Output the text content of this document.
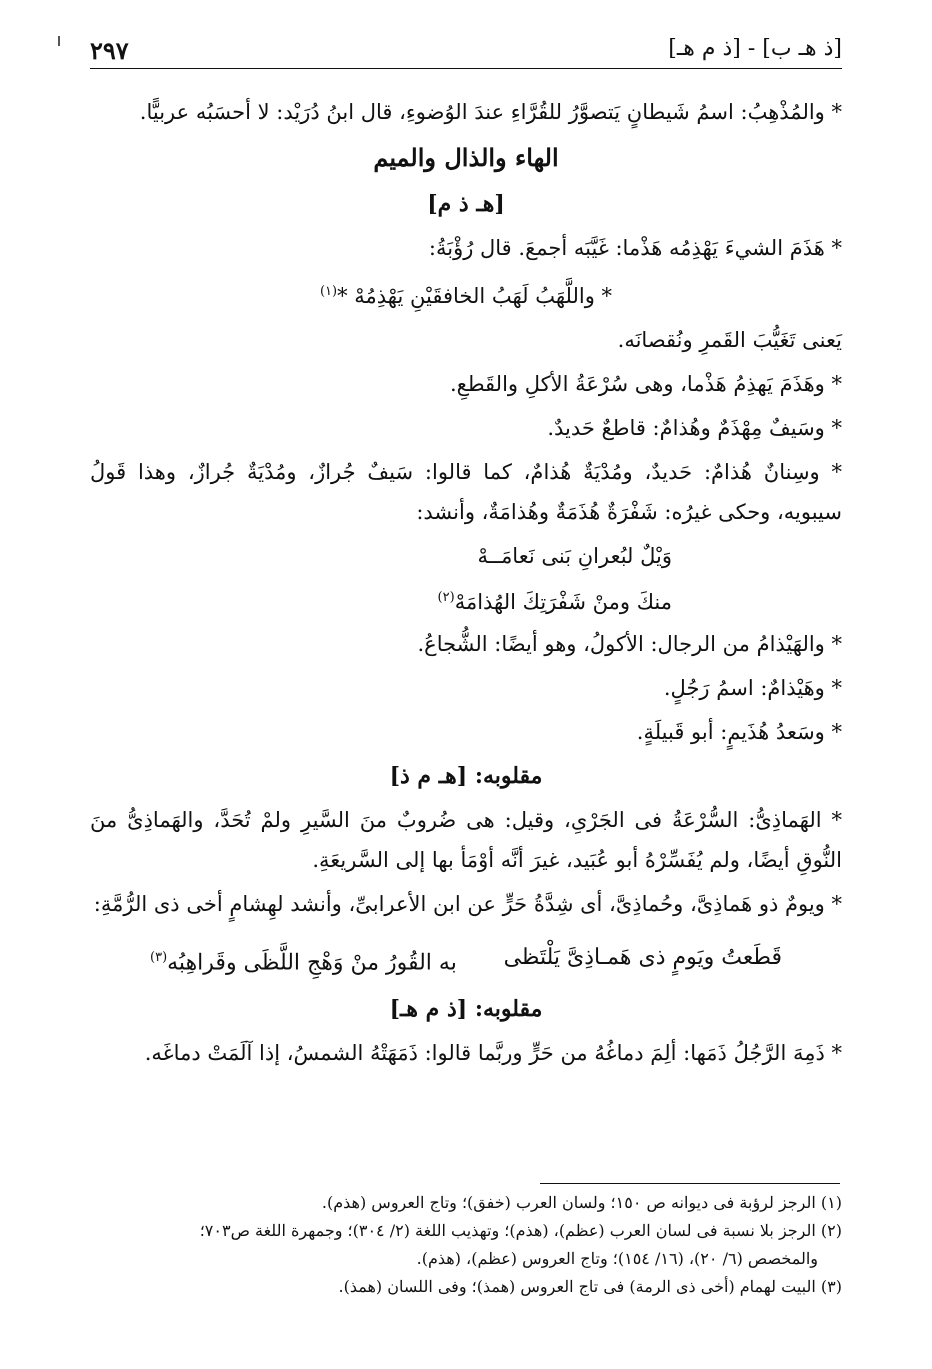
[ذ هـ ب] - [ذ م هـ]
٢٩٧

* والمُذْهِبُ: اسمُ شَيطانٍ يَتصوَّرُ للقُرَّاءِ عندَ الوُضوءِ، قال ابنُ دُرَيْد: لا أحسَبُه عربيًّا.

الهاء والذال والميم
[هـ ذ م]

* هَذَمَ الشيءَ يَهْذِمُه هَذْما: غَيَّبَه أجمعَ. قال رُؤْبَةُ:

* واللَّهَبُ لَهَبُ الخافقَيْنِ يَهْذِمُهْ *$^{(١)}$

يَعنى تَغَيُّبَ القَمرِ ونُقصانَه.

* وهَذَمَ يَهذِمُ هَذْما، وهى سُرْعَةُ الأكلِ والقَطعِ.

* وسَيفٌ مِهْذَمٌ وهُذامٌ: قاطعٌ حَديدٌ.

* وسِنانٌ هُذامٌ: حَديدٌ، ومُدْيَةٌ هُذامٌ، كما قالوا: سَيفٌ جُرازٌ، ومُدْيَةٌ جُرازٌ، وهذا قَولُ سيبويه، وحكى غيرُه: شَفْرَةٌ هُذَمَةٌ وهُذامَةٌ، وأنشد:

وَيْلٌ لبُعرانِ بَنى نَعامَــهْ
منكَ ومنْ شَفْرَتِكَ الهُذامَهْ$^{(٢)}$

* والهَيْذامُ من الرجال: الأكولُ، وهو أيضًا: الشُّجاعُ.

* وهَيْذامٌ: اسمُ رَجُلٍ.

* وسَعدُ هُذَيمٍ: أبو قَبيلَةٍ.

مقلوبه: [هـ م ذ]

* الهَماذِىُّ: السُّرْعَةُ فى الجَرْىِ، وقيل: هى ضُروبٌ منَ السَّيرِ ولمْ تُحَدَّ، والهَماذِىُّ منَ النُّوقِ أيضًا، ولم يُفَسِّرْهُ أبو عُبَيد، غيرَ أنَّه أوْمَأ بها إلى السَّريعَةِ.

* ويومٌ ذو هَماذِىَّ، وحُماذِىَّ، أى شِدَّةُ حَرٍّ عن ابن الأعرابىِّ، وأنشد لهِشامٍ أخى ذى الرُّمَّةِ:

قَطَعتُ ويَومٍ ذى هَمـاذِىَّ يَلْتَظى
به القُورُ منْ وَهْجِ اللَّظَى وقَراهِبُه$^{(٣)}$
مقلوبه: [ذ م هـ]

* ذَمِهَ الرَّجُلُ ذَمَها: ألِمَ دماغُهُ من حَرٍّ وربَّما قالوا: ذَمَهَتْهُ الشمسُ، إذا آلَمَتْ دماغَه.

(١) الرجز لرؤبة فى ديوانه ص ١٥٠؛ ولسان العرب (خفق)؛ وتاج العروس (هذم).

(٢) الرجز بلا نسبة فى لسان العرب (عظم)، (هذم)؛ وتهذيب اللغة (٢/ ٣٠٤)؛ وجمهرة اللغة ص٧٠٣؛

والمخصص (٦/ ٢٠)، (١٦/ ١٥٤)؛ وتاج العروس (عظم)، (هذم).

(٣) البيت لهمام (أخى ذى الرمة) فى تاج العروس (همذ)؛ وفى اللسان (همذ).
